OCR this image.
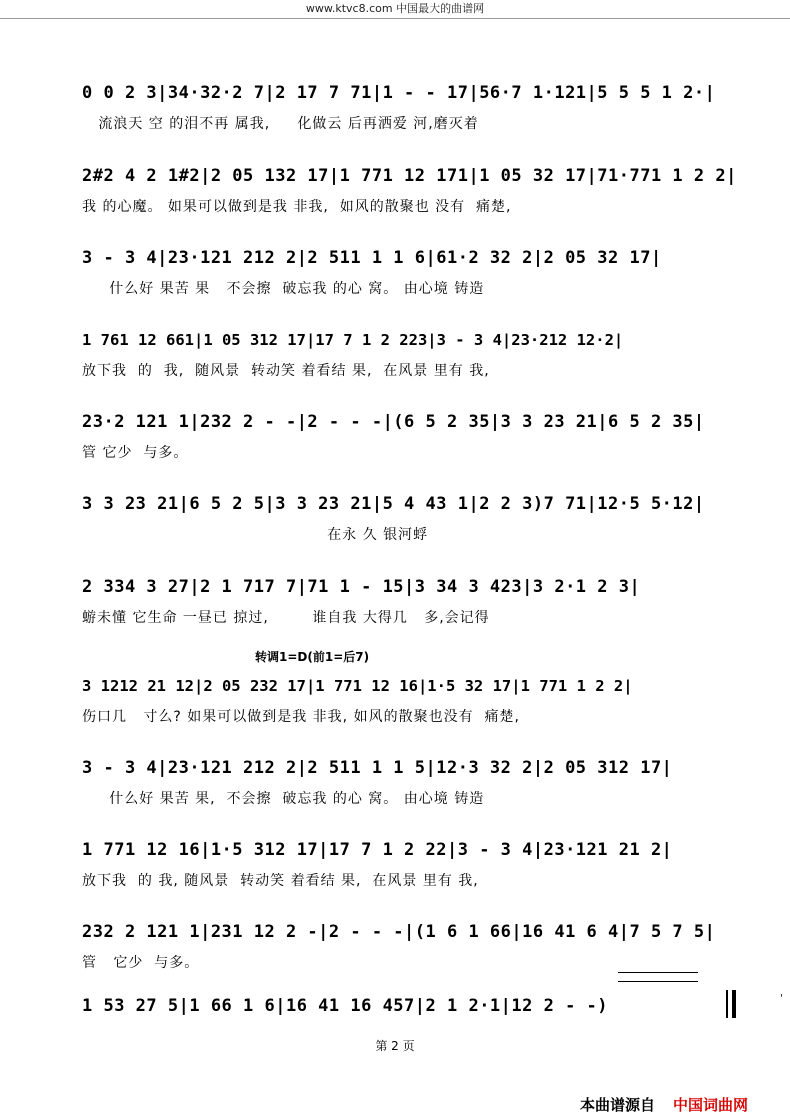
www.ktvc8.com 中国最大的曲谱网
0 0 2 3|34·32·2 7|2 17 7 71|1 - - 17|56·7 1·121|5 5 5 1 2·|
流浪天 空 的泪不再 属我,     化做云 后再洒爱 河,磨灭着
2#2 4 2 1#2|2 05 132 17|1 771 12 171|1 05 32 17|71·771 1 2 2|
我 的心魔。 如果可以做到是我 非我,  如风的散聚也 没有  痛楚,
3 - 3 4|23·121 212 2|2 511 1 1 6|61·2 32 2|2 05 32 17|
什么好 果苦 果   不会擦  破忘我 的心 窝。 由心境 铸造
1 761 12 661|1 05 312 17|17 7 1 2 223|3 - 3 4|23·212 12·2|
放下我  的  我,  随风景  转动笑 着看结 果,  在风景 里有 我,
23·2 121 1|232 2 - -|2 - - -|(6 5 2 35|3 3 23 21|6 5 2 35|
管 它少  与多。
3 3 23 21|6 5 2 5|3 3 23 21|5 4 43 1|2 2 3)7 71|12·5 5·12|
在永 久 银河蜉
2 334 3 27|2 1 717 7|71 1 - 15|3 34 3 423|3 2·1 2 3|
蝣未懂 它生命 一昼已 掠过,        谁自我 大得几   多,会记得
转调1=D(前1=后7)
3 1212 21 12|2 05 232 17|1 771 12 16|1·5 32 17|1 771 1 2 2|
伤口几   寸么? 如果可以做到是我 非我, 如风的散聚也没有  痛楚,
3 - 3 4|23·121 212 2|2 511 1 1 5|12·3 32 2|2 05 312 17|
什么好 果苦 果,  不会擦  破忘我 的心 窝。 由心境 铸造
1 771 12 16|1·5 312 17|17 7 1 2 22|3 - 3 4|23·121 21 2|
放下我  的 我, 随风景  转动笑 着看结 果,  在风景 里有 我,
232 2 121 1|231 12 2 -|2 - - -|(1 6 1 66|16 41 6 4|7 5 7 5|
管   它少  与多。
1 53 27 5|1 66 1 6|16 41 16 457|2 1 2·1|12 2 - -)	'
第 2 页
本曲谱源自 中国词曲网
